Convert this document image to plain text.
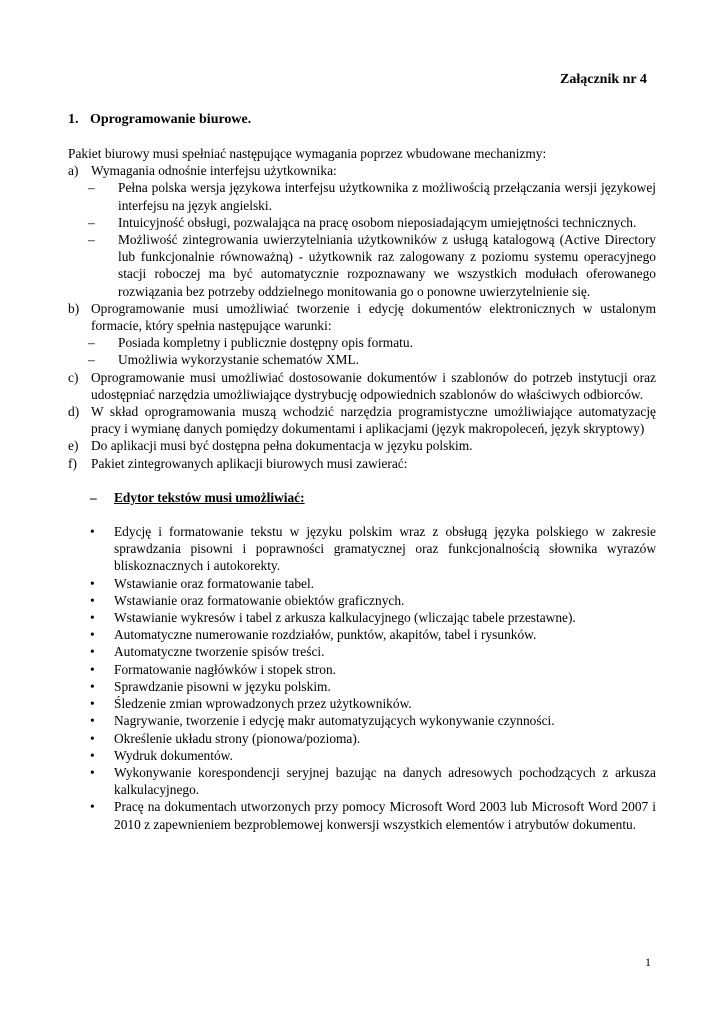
Załącznik nr 4
1. Oprogramowanie biurowe.

Pakiet biurowy musi spełniać następujące wymagania poprzez wbudowane mechanizmy:

a) Wymagania odnośnie interfejsu użytkownika:
–	Pełna polska wersja językowa interfejsu użytkownika z możliwością przełączania wersji językowej interfejsu na język angielski.
–	Intuicyjność obsługi, pozwalająca na pracę osobom nieposiadającym umiejętności technicznych.
–	Możliwość zintegrowania uwierzytelniania użytkowników z usługą katalogową (Active Directory lub funkcjonalnie równoważną) - użytkownik raz zalogowany z poziomu systemu operacyjnego stacji roboczej ma być automatycznie rozpoznawany we wszystkich modułach oferowanego rozwiązania bez potrzeby oddzielnego monitowania go o ponowne uwierzytelnienie się.
b) Oprogramowanie musi umożliwiać tworzenie i edycję dokumentów elektronicznych w ustalonym formacie, który spełnia następujące warunki:
–	Posiada kompletny i publicznie dostępny opis formatu.
–	Umożliwia wykorzystanie schematów XML.
c) Oprogramowanie musi umożliwiać dostosowanie dokumentów i szablonów do potrzeb instytucji oraz udostępniać narzędzia umożliwiające dystrybucję odpowiednich szablonów do właściwych odbiorców.
d) W skład oprogramowania muszą wchodzić narzędzia programistyczne umożliwiające automatyzację pracy i wymianę danych pomiędzy dokumentami i aplikacjami (język makropoleceń, język skryptowy)
e) Do aplikacji musi być dostępna pełna dokumentacja w języku polskim.
f)	Pakiet zintegrowanych aplikacji biurowych musi zawierać:
–	Edytor tekstów musi umożliwiać:
•	Edycję i formatowanie tekstu w języku polskim wraz z obsługą języka polskiego w zakresie sprawdzania pisowni i poprawności gramatycznej oraz funkcjonalnością słownika wyrazów bliskoznacznych i autokorekty.
•	Wstawianie oraz formatowanie tabel.
•	Wstawianie oraz formatowanie obiektów graficznych.
•	Wstawianie wykresów i tabel z arkusza kalkulacyjnego (wliczając tabele przestawne).
•	Automatyczne numerowanie rozdziałów, punktów, akapitów, tabel i rysunków.
•	Automatyczne tworzenie spisów treści.
•	Formatowanie nagłówków i stopek stron.
•	Sprawdzanie pisowni w języku polskim.
•	Śledzenie zmian wprowadzonych przez użytkowników.
•	Nagrywanie, tworzenie i edycję makr automatyzujących wykonywanie czynności.
•	Określenie układu strony (pionowa/pozioma).
•	Wydruk dokumentów.
•	Wykonywanie korespondencji seryjnej bazując na danych adresowych pochodzących z arkusza kalkulacyjnego.
•	Pracę na dokumentach utworzonych przy pomocy Microsoft Word 2003 lub Microsoft Word 2007 i 2010 z zapewnieniem bezproblemowej konwersji wszystkich elementów i atrybutów dokumentu.
1
